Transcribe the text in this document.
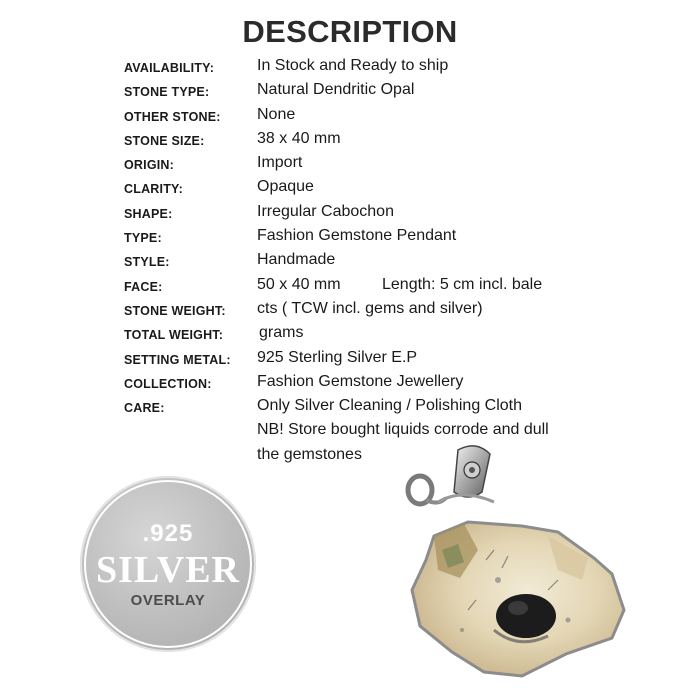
DESCRIPTION
AVAILABILITY:	In Stock and Ready to ship
STONE TYPE:	Natural Dendritic Opal
OTHER STONE: None
STONE SIZE:	38 x 40 mm
ORIGIN:	Import
CLARITY:	Opaque
SHAPE:	Irregular Cabochon
TYPE:	Fashion Gemstone Pendant
STYLE:	Handmade
FACE:	50 x 40 mm	Length: 5 cm incl. bale
STONE WEIGHT: cts ( TCW incl. gems and silver)
TOTAL WEIGHT: grams
SETTING METAL: 925 Sterling Silver E.P
COLLECTION:	Fashion Gemstone Jewellery
CARE:	Only Silver Cleaning / Polishing Cloth
NB! Store bought liquids corrode and dull
the gemstones
.925
SILVER
OVERLAY
